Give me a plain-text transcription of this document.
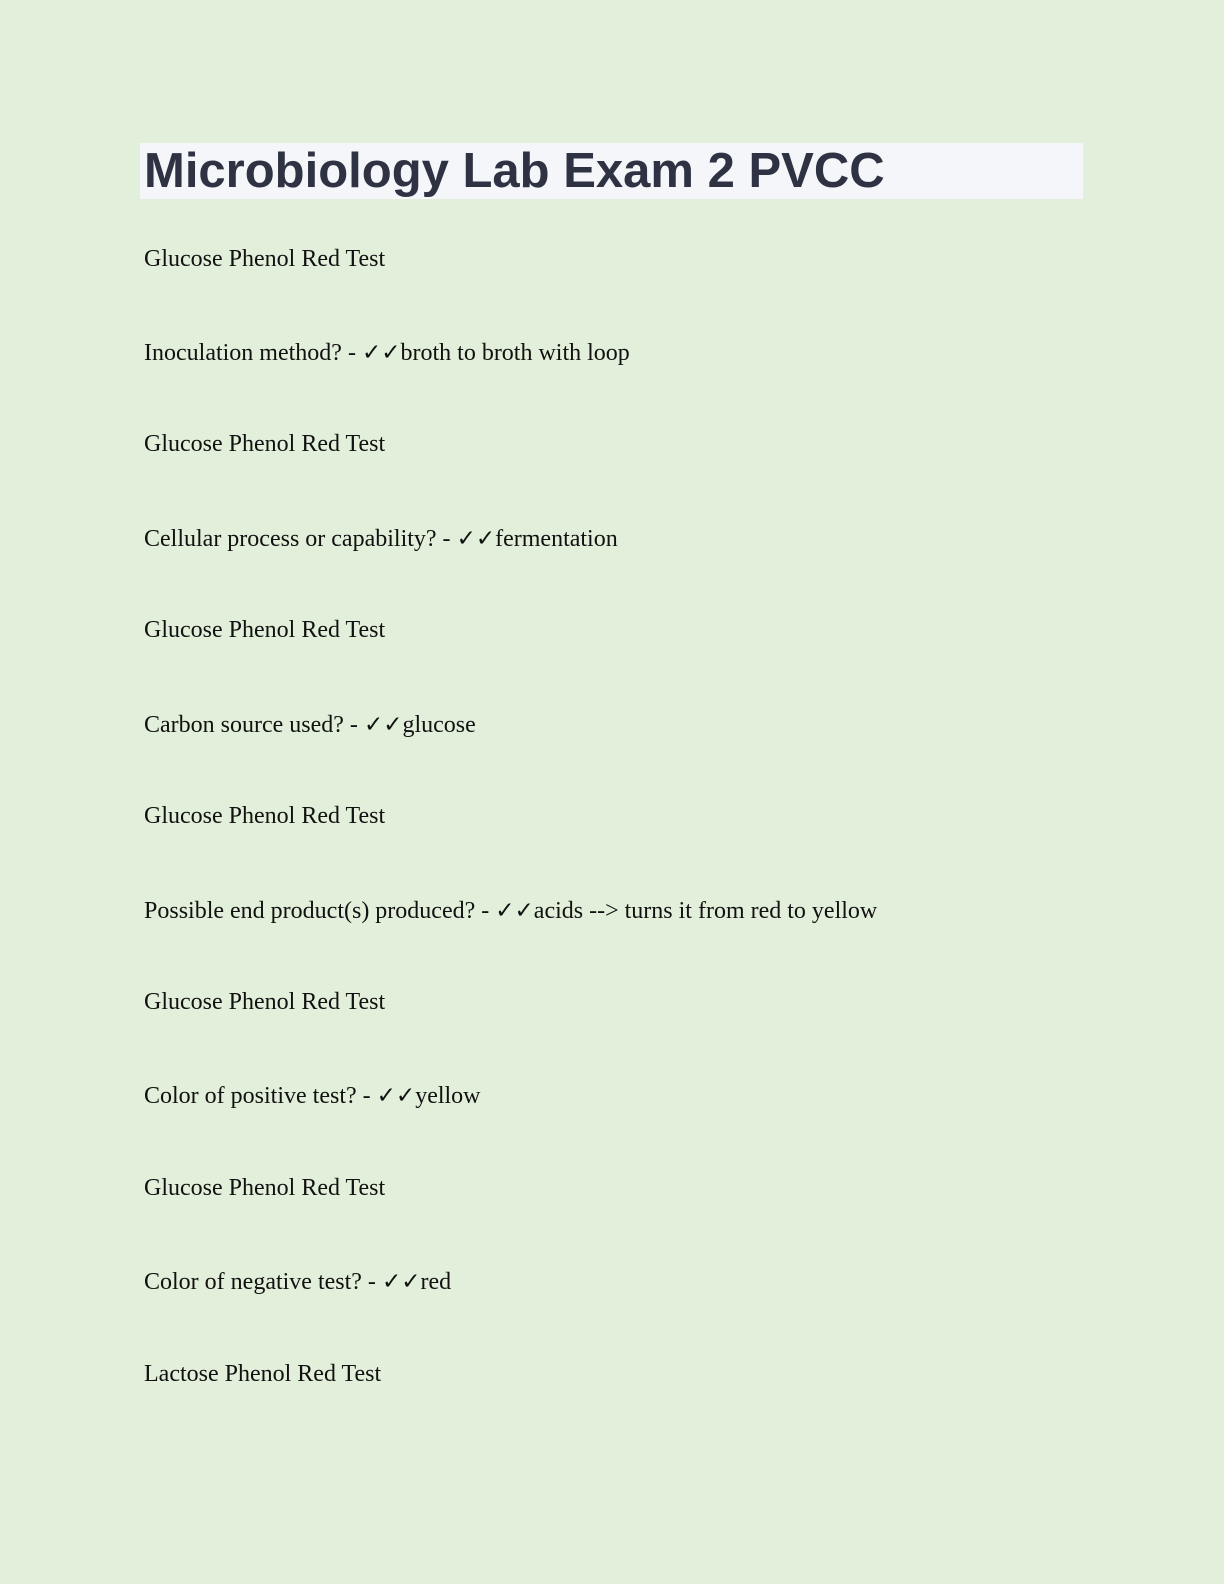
Microbiology Lab Exam 2 PVCC

Glucose Phenol Red Test

Inoculation method? - ✓✓broth to broth with loop

Glucose Phenol Red Test

Cellular process or capability? - ✓✓fermentation

Glucose Phenol Red Test

Carbon source used? - ✓✓glucose

Glucose Phenol Red Test

Possible end product(s) produced? - ✓✓acids --> turns it from red to yellow

Glucose Phenol Red Test

Color of positive test? - ✓✓yellow

Glucose Phenol Red Test

Color of negative test? - ✓✓red

Lactose Phenol Red Test
